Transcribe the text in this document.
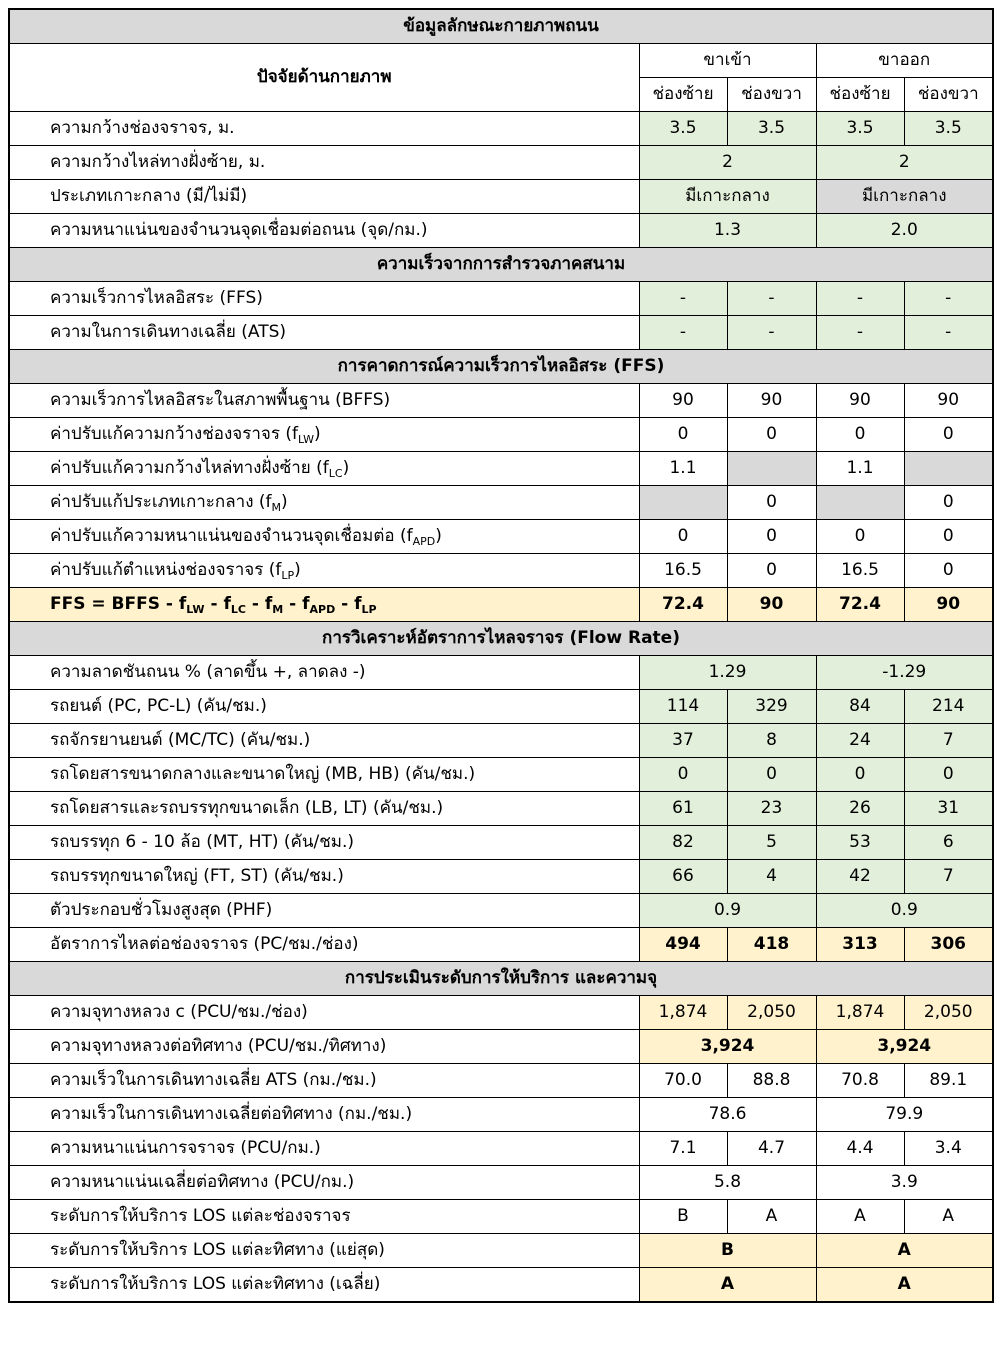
ข้อมูลลักษณะกายภาพถนน				
ปัจจัยด้านกายภาพ	ขาเข้า		ขาออก	
	ช่องซ้าย	ช่องขวา	ช่องซ้าย	ช่องขวา
ความกว้างช่องจราจร, ม.	3.5	3.5	3.5	3.5
ความกว้างไหล่ทางฝั่งซ้าย, ม.	2		2	
ประเภทเกาะกลาง (มี/ไม่มี)	มีเกาะกลาง		มีเกาะกลาง	
ความหนาแน่นของจำนวนจุดเชื่อมต่อถนน (จุด/กม.)	1.3		2.0	
ความเร็วจากการสำรวจภาคสนาม				
ความเร็วการไหลอิสระ (FFS)	-	-	-	-
ความในการเดินทางเฉลี่ย (ATS)	-	-	-	-
การคาดการณ์ความเร็วการไหลอิสระ (FFS)				
ความเร็วการไหลอิสระในสภาพพื้นฐาน (BFFS)	90	90	90	90
ค่าปรับแก้ความกว้างช่องจราจร $(f_{LW})$	0	0	0	0
ค่าปรับแก้ความกว้างไหล่ทางฝั่งซ้าย $(f_{LC})$	1.1		1.1	
ค่าปรับแก้ประเภทเกาะกลาง $(f_M)$		0		0
ค่าปรับแก้ความหนาแน่นของจำนวนจุดเชื่อมต่อ $(f_{APD})$	0	0	0	0
ค่าปรับแก้ตำแหน่งช่องจราจร $(f_{LP})$	16.5	0	16.5	0
FFS = BFFS - $f_{LW} - f_{LC} - f_M - f_{APD} - f_{LP}$	72.4	90	72.4	90
การวิเคราะห์อัตราการไหลจราจร (Flow Rate)				
ความลาดชันถนน % (ลาดขึ้น +, ลาดลง -)	1.29		-1.29	
รถยนต์ (PC, PC-L) (คัน/ชม.)	114	329	84	214
รถจักรยานยนต์ (MC/TC) (คัน/ชม.)	37	8	24	7
รถโดยสารขนาดกลางและขนาดใหญ่ (MB, HB) (คัน/ชม.)	0	0	0	0
รถโดยสารและรถบรรทุกขนาดเล็ก (LB, LT) (คัน/ชม.)	61	23	26	31
รถบรรทุก 6 - 10 ล้อ (MT, HT) (คัน/ชม.)	82	5	53	6
รถบรรทุกขนาดใหญ่ (FT, ST) (คัน/ชม.)	66	4	42	7
ตัวประกอบชั่วโมงสูงสุด (PHF)	0.9		0.9	
อัตราการไหลต่อช่องจราจร (PC/ชม./ช่อง)	494	418	313	306
การประเมินระดับการให้บริการ และความจุ				
ความจุทางหลวง c (PCU/ชม./ช่อง)	1,874	2,050	1,874	2,050
ความจุทางหลวงต่อทิศทาง (PCU/ชม./ทิศทาง)	3,924		3,924	
ความเร็วในการเดินทางเฉลี่ย ATS (กม./ชม.)	70.0	88.8	70.8	89.1
ความเร็วในการเดินทางเฉลี่ยต่อทิศทาง (กม./ชม.)	78.6		79.9	
ความหนาแน่นการจราจร (PCU/กม.)	7.1	4.7	4.4	3.4
ความหนาแน่นเฉลี่ยต่อทิศทาง (PCU/กม.)	5.8		3.9	
ระดับการให้บริการ LOS แต่ละช่องจราจร	B	A	A	A
ระดับการให้บริการ LOS แต่ละทิศทาง (แย่สุด)	B		A	
ระดับการให้บริการ LOS แต่ละทิศทาง (เฉลี่ย)	A		A	
